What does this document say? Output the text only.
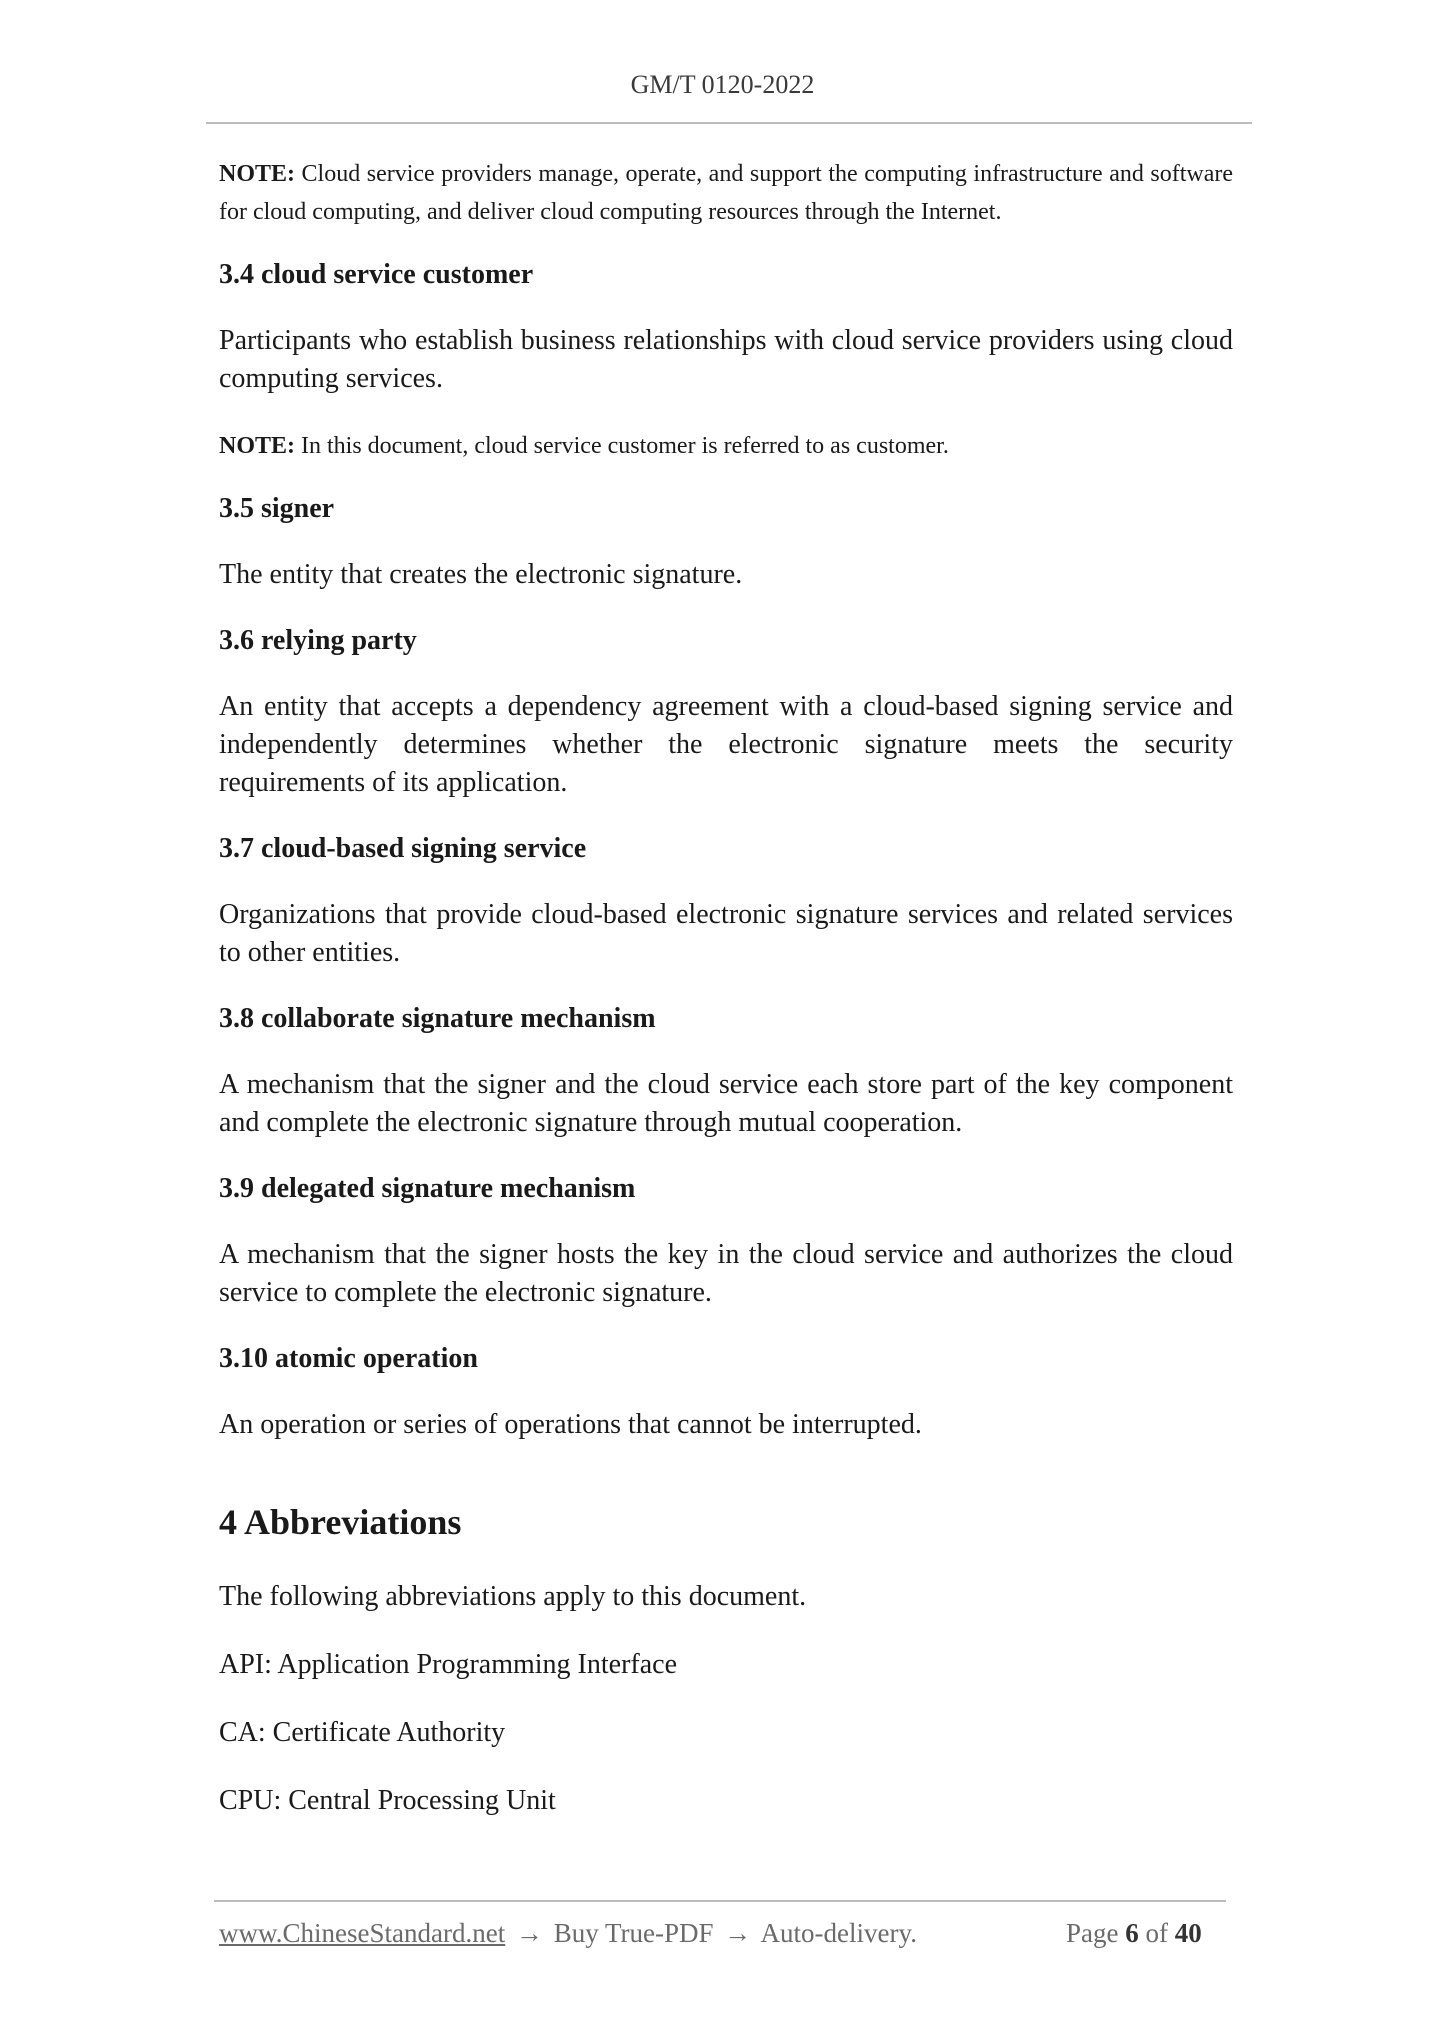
GM/T 0120-2022

NOTE: Cloud service providers manage, operate, and support the computing infrastructure and software for cloud computing, and deliver cloud computing resources through the Internet.

3.4 cloud service customer

Participants who establish business relationships with cloud service providers using cloud computing services.

NOTE: In this document, cloud service customer is referred to as customer.

3.5 signer

The entity that creates the electronic signature.

3.6 relying party

An entity that accepts a dependency agreement with a cloud-based signing service and independently determines whether the electronic signature meets the security requirements of its application.

3.7 cloud-based signing service

Organizations that provide cloud-based electronic signature services and related services to other entities.

3.8 collaborate signature mechanism

A mechanism that the signer and the cloud service each store part of the key component and complete the electronic signature through mutual cooperation.

3.9 delegated signature mechanism

A mechanism that the signer hosts the key in the cloud service and authorizes the cloud service to complete the electronic signature.

3.10 atomic operation

An operation or series of operations that cannot be interrupted.

4 Abbreviations

The following abbreviations apply to this document.

API: Application Programming Interface

CA: Certificate Authority

CPU: Central Processing Unit

www.ChineseStandard.net → Buy True-PDF → Auto-delivery.	Page 6 of 40
